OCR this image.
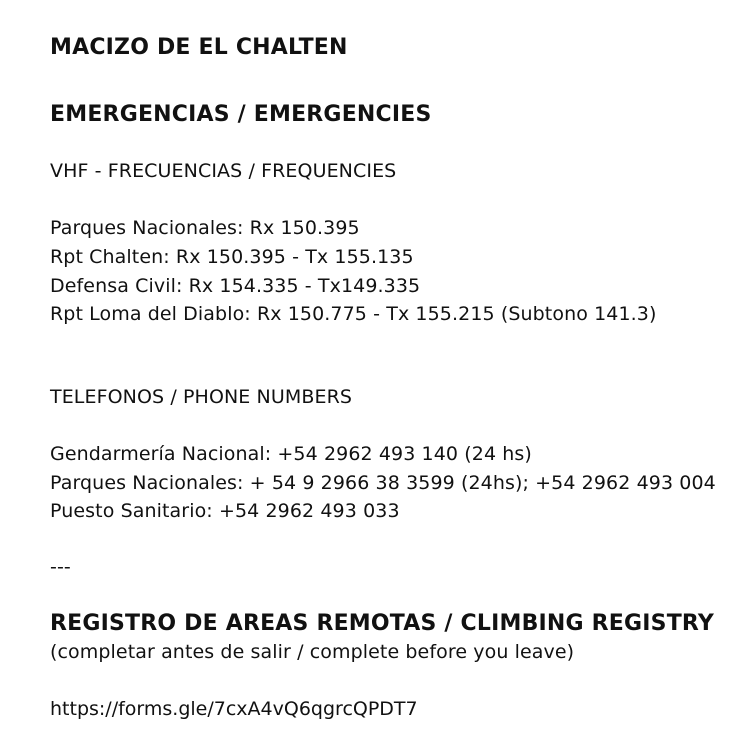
MACIZO DE EL CHALTEN
EMERGENCIAS / EMERGENCIES
VHF - FRECUENCIAS / FREQUENCIES
Parques Nacionales: Rx 150.395
Rpt Chalten: Rx 150.395 - Tx 155.135
Defensa Civil: Rx 154.335 - Tx149.335
Rpt Loma del Diablo: Rx 150.775 - Tx 155.215 (Subtono 141.3)
TELEFONOS / PHONE NUMBERS
Gendarmería Nacional: +54 2962 493 140 (24 hs)
Parques Nacionales: + 54 9 2966 38 3599 (24hs); +54 2962 493 004
Puesto Sanitario: +54 2962 493 033
---
REGISTRO DE AREAS REMOTAS / CLIMBING REGISTRY
(completar antes de salir / complete before you leave)
https://forms.gle/7cxA4vQ6qgrcQPDT7
